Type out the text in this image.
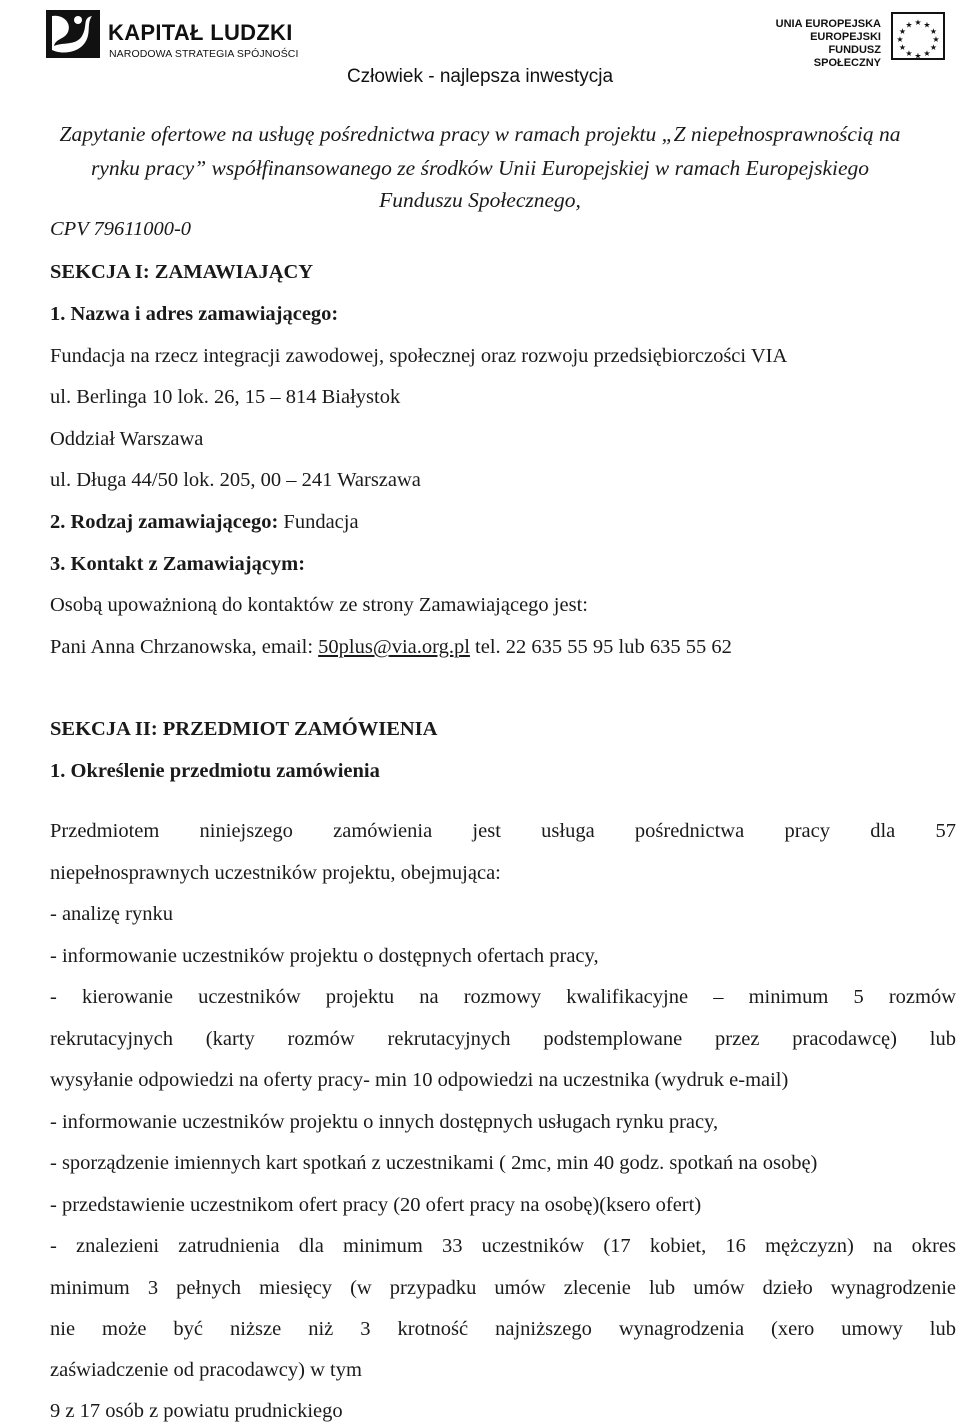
KAPITAŁ LUDZKI
NARODOWA STRATEGIA SPÓJNOŚCI
UNIA EUROPEJSKA
EUROPEJSKI
FUNDUSZ SPOŁECZNY
★ ★
★
★
★
★
★
★
★
★
★
★
Człowiek - najlepsza inwestycja
Zapytanie ofertowe na usługę pośrednictwa pracy w ramach projektu „Z niepełnosprawnością na
rynku pracy” współfinansowanego ze środków Unii Europejskiej w ramach Europejskiego
Funduszu Społecznego,
CPV 79611000-0
SEKCJA I: ZAMAWIAJĄCY
1. Nazwa i adres zamawiającego:
Fundacja na rzecz integracji zawodowej, społecznej oraz rozwoju przedsiębiorczości VIA
ul. Berlinga 10 lok. 26, 15 – 814 Białystok
Oddział Warszawa
ul. Długa 44/50 lok. 205, 00 – 241 Warszawa
2. Rodzaj zamawiającego: Fundacja
3. Kontakt z Zamawiającym:
Osobą upoważnioną do kontaktów ze strony Zamawiającego jest:
Pani Anna Chrzanowska, email: 50plus@via.org.pl tel. 22 635 55 95 lub 635 55 62
SEKCJA II: PRZEDMIOT ZAMÓWIENIA
1. Określenie przedmiotu zamówienia
Przedmiotem niniejszego zamówienia jest usługa pośrednictwa pracy dla 57
niepełnosprawnych uczestników projektu, obejmująca:
- analizę rynku
- informowanie uczestników projektu o dostępnych ofertach pracy,
- kierowanie uczestników projektu na rozmowy kwalifikacyjne – minimum 5 rozmów
rekrutacyjnych (karty rozmów rekrutacyjnych podstemplowane przez pracodawcę) lub
wysyłanie odpowiedzi na oferty pracy- min 10 odpowiedzi na uczestnika (wydruk e-mail)
- informowanie uczestników projektu o innych dostępnych usługach rynku pracy,
- sporządzenie imiennych kart spotkań z uczestnikami ( 2mc, min 40 godz. spotkań na osobę)
- przedstawienie uczestnikom ofert pracy (20 ofert pracy na osobę)(ksero ofert)
- znalezieni zatrudnienia dla minimum 33 uczestników (17 kobiet, 16 mężczyzn) na okres
minimum 3 pełnych miesięcy (w przypadku umów zlecenie lub umów dzieło wynagrodzenie
nie może być niższe niż 3 krotność najniższego wynagrodzenia (xero umowy lub
zaświadczenie od pracodawcy) w tym
9 z 17 osób z powiatu prudnickiego
